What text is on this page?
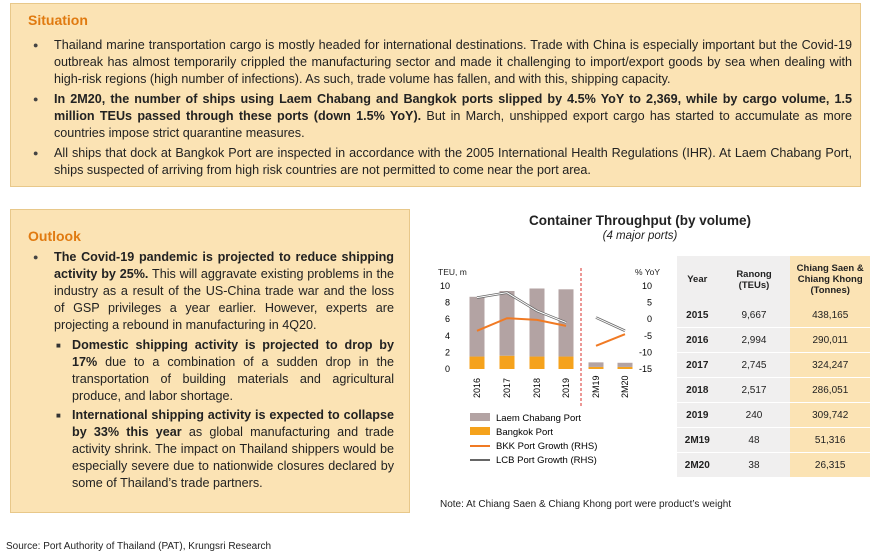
Situation
● Thailand marine transportation cargo is mostly headed for international destinations. Trade with China is especially important but the Covid-19 outbreak has almost temporarily crippled the manufacturing sector and made it challenging to import/export goods by sea when dealing with high-risk regions (high number of infections). As such, trade volume has fallen, and with this, shipping capacity.
● In 2M20, the number of ships using Laem Chabang and Bangkok ports slipped by 4.5% YoY to 2,369, while by cargo volume, 1.5 million TEUs passed through these ports (down 1.5% YoY). But in March, unshipped export cargo has started to accumulate as more countries impose strict quarantine measures.
● All ships that dock at Bangkok Port are inspected in accordance with the 2005 International Health Regulations (IHR). At Laem Chabang Port, ships suspected of arriving from high risk countries are not permitted to come near the port area.
Outlook
● The Covid-19 pandemic is projected to reduce shipping activity by 25%. This will aggravate existing problems in the industry as a result of the US-China trade war and the loss of GSP privileges a year earlier. However, experts are projecting a rebound in manufacturing in 4Q20.
■ Domestic shipping activity is projected to drop by 17% due to a combination of a sudden drop in the transportation of building materials and agricultural produce, and labor shortage.
■ International shipping activity is expected to collapse by 33% this year as global manufacturing and trade activity shrink. The impact on Thailand shippers would be especially severe due to nationwide closures declared by some of Thailand’s trade partners.
Container Throughput (by volume)
(4 major ports)
TEU, m	% YoY
10
8
6
4
2
0
10
5
0
-5
-10
-15
2016 2017 2018 2019 2M19 2M20
Laem Chabang Port
Bangkok Port
BKK Port Growth (RHS)
LCB Port Growth (RHS)
Year	Ranong (TEUs)	Chiang Saen & Chiang Khong (Tonnes)
2015	9,667	438,165
2016	2,994	290,011
2017	2,745	324,247
2018	2,517	286,051
2019	240	309,742
2M19	48	51,316
2M20	38	26,315
Note: At Chiang Saen & Chiang Khong port were product’s weight
Source: Port Authority of Thailand (PAT), Krungsri Research
